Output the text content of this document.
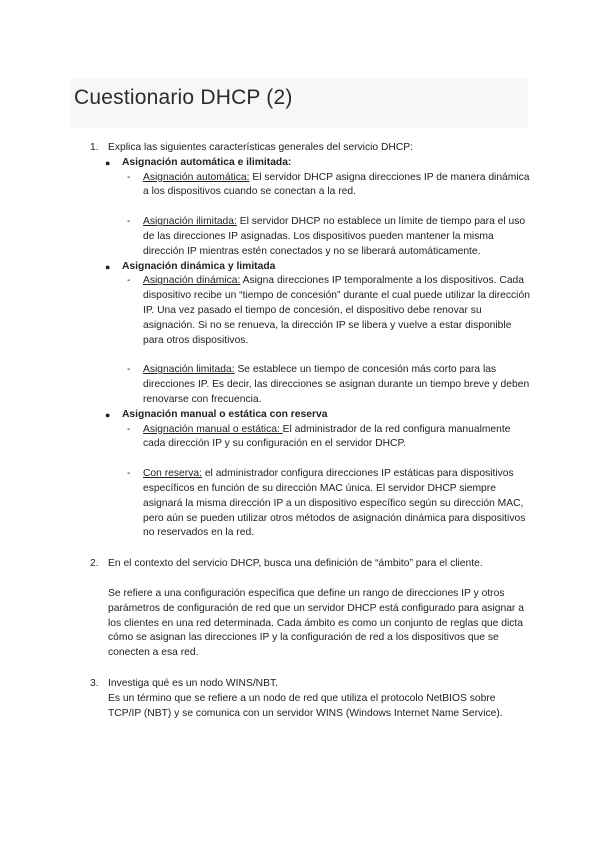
Cuestionario DHCP (2)
1. Explica las siguientes características generales del servicio DHCP:
● Asignación automática e ilimitada:
- Asignación automática: El servidor DHCP asigna direcciones IP de manera dinámica a los dispositivos cuando se conectan a la red.
- Asignación ilimitada: El servidor DHCP no establece un límite de tiempo para el uso de las direcciones IP asignadas. Los dispositivos pueden mantener la misma dirección IP mientras estén conectados y no se liberará automáticamente.
● Asignación dinámica y limitada
- Asignación dinámica: Asigna direcciones IP temporalmente a los dispositivos. Cada dispositivo recibe un “tiempo de concesión” durante el cual puede utilizar la dirección IP. Una vez pasado el tiempo de concesión, el dispositivo debe renovar su asignación. Si no se renueva, la dirección IP se libera y vuelve a estar disponible para otros dispositivos.
- Asignación limitada: Se establece un tiempo de concesión más corto para las direcciones IP. Es decir, las direcciones se asignan durante un tiempo breve y deben renovarse con frecuencia.
● Asignación manual o estática con reserva
- Asignación manual o estática: El administrador de la red configura manualmente cada dirección IP y su configuración en el servidor DHCP.
- Con reserva: el administrador configura direcciones IP estáticas para dispositivos específicos en función de su dirección MAC única. El servidor DHCP siempre asignará la misma dirección IP a un dispositivo específico según su dirección MAC, pero aún se pueden utilizar otros métodos de asignación dinámica para dispositivos no reservados en la red.
2. En el contexto del servicio DHCP, busca una definición de “ámbito” para el cliente.
Se refiere a una configuración específica que define un rango de direcciones IP y otros parámetros de configuración de red que un servidor DHCP está configurado para asignar a los clientes en una red determinada. Cada ámbito es como un conjunto de reglas que dicta cómo se asignan las direcciones IP y la configuración de red a los dispositivos que se conecten a esa red.
3. Investiga qué es un nodo WINS/NBT.
Es un término que se refiere a un nodo de red que utiliza el protocolo NetBIOS sobre TCP/IP (NBT) y se comunica con un servidor WINS (Windows Internet Name Service).
